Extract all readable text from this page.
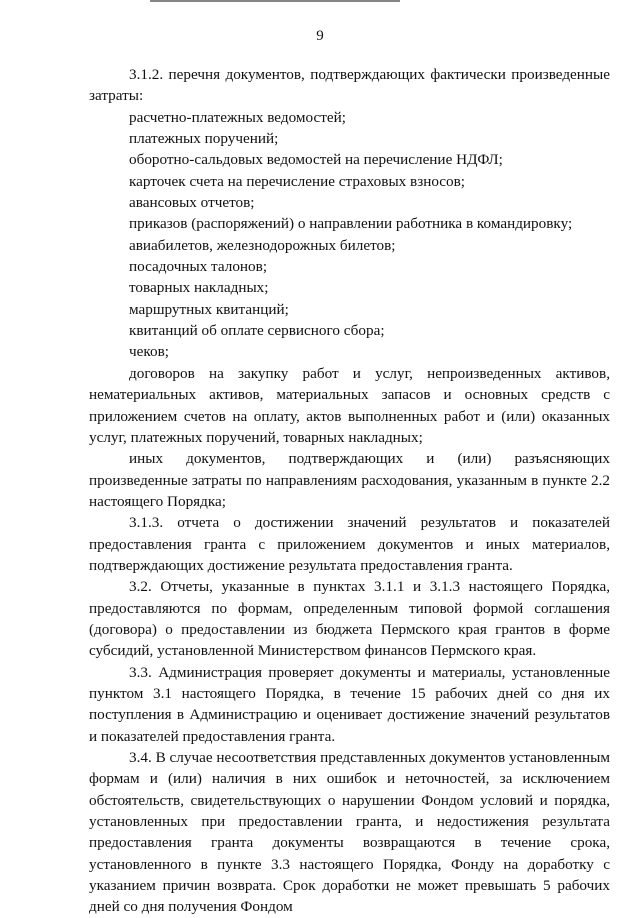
9

3.1.2. перечня документов, подтверждающих фактически произведенные затраты:

расчетно-платежных ведомостей;

платежных поручений;

оборотно-сальдовых ведомостей на перечисление НДФЛ;

карточек счета на перечисление страховых взносов;

авансовых отчетов;

приказов (распоряжений) о направлении работника в командировку;

авиабилетов, железнодорожных билетов;

посадочных талонов;

товарных накладных;

маршрутных квитанций;

квитанций об оплате сервисного сбора;

чеков;

договоров на закупку работ и услуг, непроизведенных активов, нематериальных активов, материальных запасов и основных средств с приложением счетов на оплату, актов выполненных работ и (или) оказанных услуг, платежных поручений, товарных накладных;

иных документов, подтверждающих и (или) разъясняющих произведенные затраты по направлениям расходования, указанным в пункте 2.2 настоящего Порядка;

3.1.3. отчета о достижении значений результатов и показателей предоставления гранта с приложением документов и иных материалов, подтверждающих достижение результата предоставления гранта.

3.2. Отчеты, указанные в пунктах 3.1.1 и 3.1.3 настоящего Порядка, предоставляются по формам, определенным типовой формой соглашения (договора) о предоставлении из бюджета Пермского края грантов в форме субсидий, установленной Министерством финансов Пермского края.

3.3. Администрация проверяет документы и материалы, установленные пунктом 3.1 настоящего Порядка, в течение 15 рабочих дней со дня их поступления в Администрацию и оценивает достижение значений результатов и показателей предоставления гранта.

3.4. В случае несоответствия представленных документов установленным формам и (или) наличия в них ошибок и неточностей, за исключением обстоятельств, свидетельствующих о нарушении Фондом условий и порядка, установленных при предоставлении гранта, и недостижения результата предоставления гранта документы возвращаются в течение срока, установленного в пункте 3.3 настоящего Порядка, Фонду на доработку с указанием причин возврата. Срок доработки не может превышать 5 рабочих дней со дня получения Фондом
